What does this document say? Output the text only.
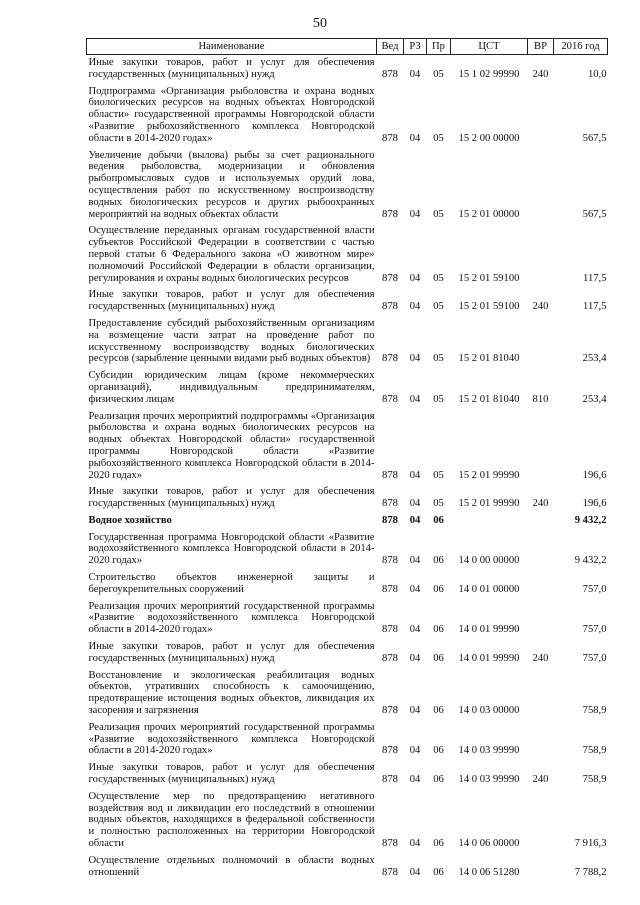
50
Наименование	Вед	РЗ	Пр	ЦСТ	ВР	2016 год
Иные закупки товаров, работ и услуг для обеспечения государственных (муниципальных) нужд	878	04	05	15 1 02 99990	240	10,0
Подпрограмма «Организация рыболовства и охрана водных биологических ресурсов на водных объектах Новгородской области» государственной программы Новгородской области «Развитие рыбохозяйственного комплекса Новгородской области в 2014-2020 годах»	878	04	05	15 2 00 00000		567,5
Увеличение добычи (вылова) рыбы за счет рационального ведения рыболовства, модернизации и обновления рыбопромысловых судов и используемых орудий лова, осуществления работ по искусственному воспроизводству водных биологических ресурсов и других рыбоохранных мероприятий на водных объектах области	878	04	05	15 2 01 00000		567,5
Осуществление переданных органам государственной власти субъектов Российской Федерации в соответствии с частью первой статьи 6 Федерального закона «О животном мире» полномочий Российской Федерации в области организации, регулирования и охраны водных биологических ресурсов	878	04	05	15 2 01 59100		117,5
Иные закупки товаров, работ и услуг для обеспечения государственных (муниципальных) нужд	878	04	05	15 2 01 59100	240	117,5
Предоставление субсидий рыбохозяйственным организациям на возмещение части затрат на проведение работ по искусственному воспроизводству водных биологических ресурсов (зарыбление ценными видами рыб водных объектов)	878	04	05	15 2 01 81040		253,4
Субсидии юридическим лицам (кроме некоммерческих организаций), индивидуальным предпринимателям, физическим лицам	878	04	05	15 2 01 81040	810	253,4
Реализация прочих мероприятий подпрограммы «Организация рыболовства и охрана водных биологических ресурсов на водных объектах Новгородской области» государственной программы Новгородской области «Развитие рыбохозяйственного комплекса Новгородской области в 2014-2020 годах»	878	04	05	15 2 01 99990		196,6
Иные закупки товаров, работ и услуг для обеспечения государственных (муниципальных) нужд	878	04	05	15 2 01 99990	240	196,6
Водное хозяйство	878	04	06			9 432,2
Государственная программа Новгородской области «Развитие водохозяйственного комплекса Новгородской области в 2014-2020 годах»	878	04	06	14 0 00 00000		9 432,2
Строительство объектов инженерной защиты и берегоукрепительных сооружений	878	04	06	14 0 01 00000		757,0
Реализация прочих мероприятий государственной программы «Развитие водохозяйственного комплекса Новгородской области в 2014-2020 годах»	878	04	06	14 0 01 99990		757,0
Иные закупки товаров, работ и услуг для обеспечения государственных (муниципальных) нужд	878	04	06	14 0 01 99990	240	757,0
Восстановление и экологическая реабилитация водных объектов, утративших способность к самоочищению, предотвращение истощения водных объектов, ликвидация их засорения и загрязнения	878	04	06	14 0 03 00000		758,9
Реализация прочих мероприятий государственной программы «Развитие водохозяйственного комплекса Новгородской области в 2014-2020 годах»	878	04	06	14 0 03 99990		758,9
Иные закупки товаров, работ и услуг для обеспечения государственных (муниципальных) нужд	878	04	06	14 0 03 99990	240	758,9
Осуществление мер по предотвращению негативного воздействия вод и ликвидации его последствий в отношении водных объектов, находящихся в федеральной собственности и полностью расположенных на территории Новгородской области	878	04	06	14 0 06 00000		7 916,3
Осуществление отдельных полномочий в области водных отношений	878	04	06	14 0 06 51280		7 788,2
